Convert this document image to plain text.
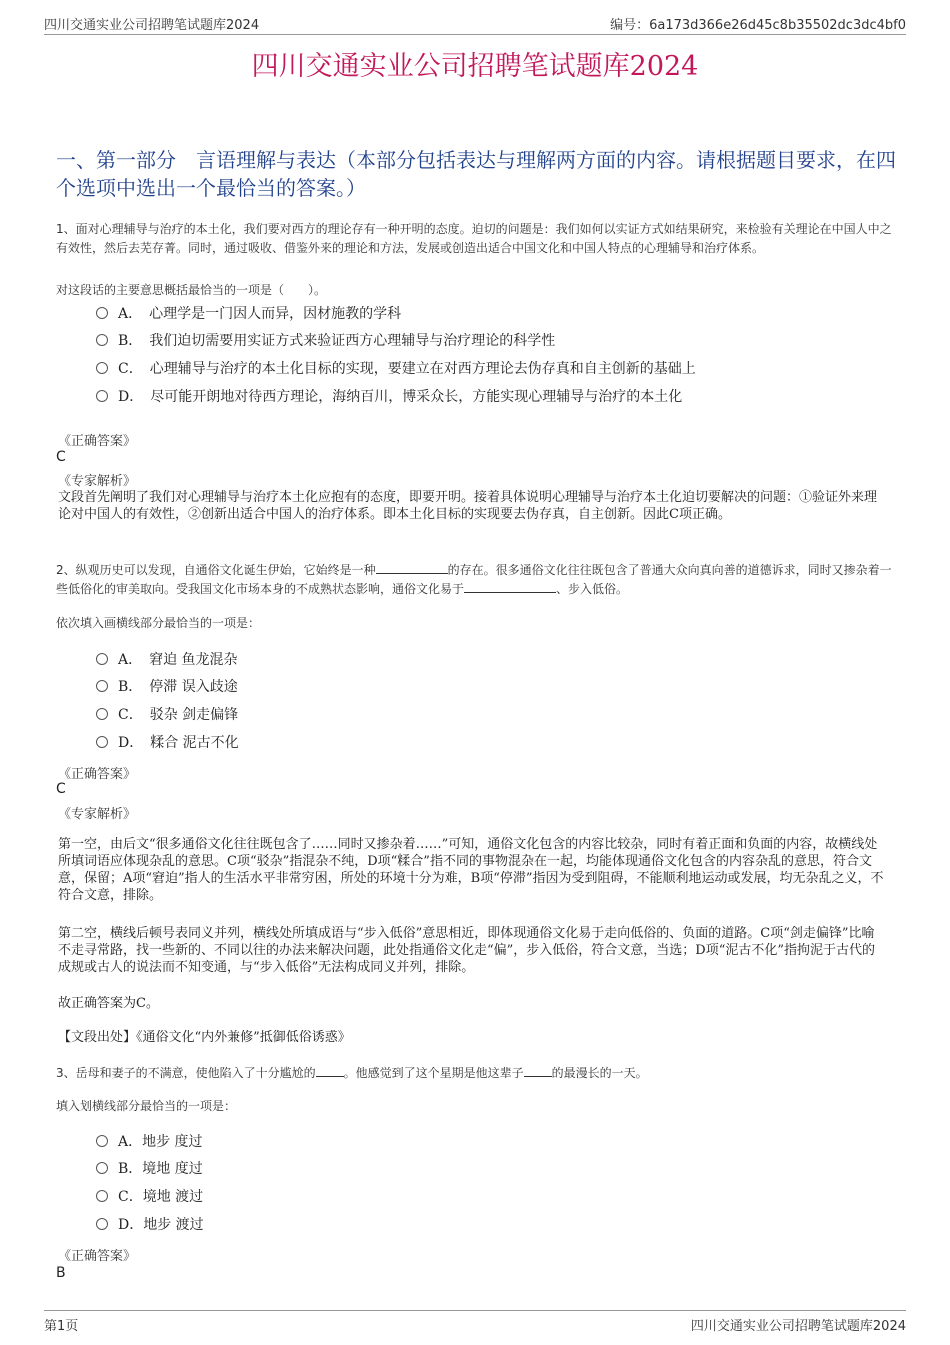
四川交通实业公司招聘笔试题库2024	编号：6a173d366e26d45c8b35502dc3dc4bf0
四川交通实业公司招聘笔试题库2024
一、第一部分　言语理解与表达（本部分包括表达与理解两方面的内容。请根据题目要求，在四个选项中选出一个最恰当的答案。）
1、面对心理辅导与治疗的本土化，我们要对西方的理论存有一种开明的态度。迫切的问题是：我们如何以实证方式如结果研究，来检验有关理论在中国人中之有效性，然后去芜存菁。同时，通过吸收、借鉴外来的理论和方法，发展或创造出适合中国文化和中国人特点的心理辅导和治疗体系。
对这段话的主要意思概括最恰当的一项是（　　）。
A．　心理学是一门因人而异，因材施教的学科
B．　我们迫切需要用实证方式来验证西方心理辅导与治疗理论的科学性
C．　心理辅导与治疗的本土化目标的实现，要建立在对西方理论去伪存真和自主创新的基础上
D．　尽可能开朗地对待西方理论，海纳百川，博采众长，方能实现心理辅导与治疗的本土化
《正确答案》
C
《专家解析》
文段首先阐明了我们对心理辅导与治疗本土化应抱有的态度，即要开明。接着具体说明心理辅导与治疗本土化迫切要解决的问题：①验证外来理论对中国人的有效性，②创新出适合中国人的治疗体系。即本土化目标的实现要去伪存真，自主创新。因此C项正确。
2、纵观历史可以发现，自通俗文化诞生伊始，它始终是一种	的存在。很多通俗文化往往既包含了普通大众向真向善的道德诉求，同时又掺杂着一些低俗化的审美取向。受我国文化市场本身的不成熟状态影响，通俗文化易于	、步入低俗。
依次填入画横线部分最恰当的一项是：
A．　窘迫 鱼龙混杂
B．　停滞 误入歧途
C．　驳杂 剑走偏锋
D．　糅合 泥古不化
《正确答案》
C
《专家解析》
第一空，由后文“很多通俗文化往往既包含了……同时又掺杂着……”可知，通俗文化包含的内容比较杂，同时有着正面和负面的内容，故横线处所填词语应体现杂乱的意思。C项“驳杂”指混杂不纯，D项“糅合”指不同的事物混杂在一起，均能体现通俗文化包含的内容杂乱的意思，符合文意，保留；A项“窘迫”指人的生活水平非常穷困，所处的环境十分为难，B项“停滞”指因为受到阻碍，不能顺利地运动或发展，均无杂乱之义，不符合文意，排除。
第二空，横线后顿号表同义并列，横线处所填成语与“步入低俗”意思相近，即体现通俗文化易于走向低俗的、负面的道路。C项“剑走偏锋”比喻不走寻常路，找一些新的、不同以往的办法来解决问题，此处指通俗文化走“偏”，步入低俗，符合文意，当选；D项“泥古不化”指拘泥于古代的成规或古人的说法而不知变通，与“步入低俗”无法构成同义并列，排除。
故正确答案为C。
【文段出处】《通俗文化“内外兼修”抵御低俗诱惑》
3、岳母和妻子的不满意，使他陷入了十分尴尬的 。他感觉到了这个星期是他这辈子 的最漫长的一天。
填入划横线部分最恰当的一项是：
A．地步 度过
B．境地 度过
C．境地 渡过
D．地步 渡过
《正确答案》
B
第1页	四川交通实业公司招聘笔试题库2024
